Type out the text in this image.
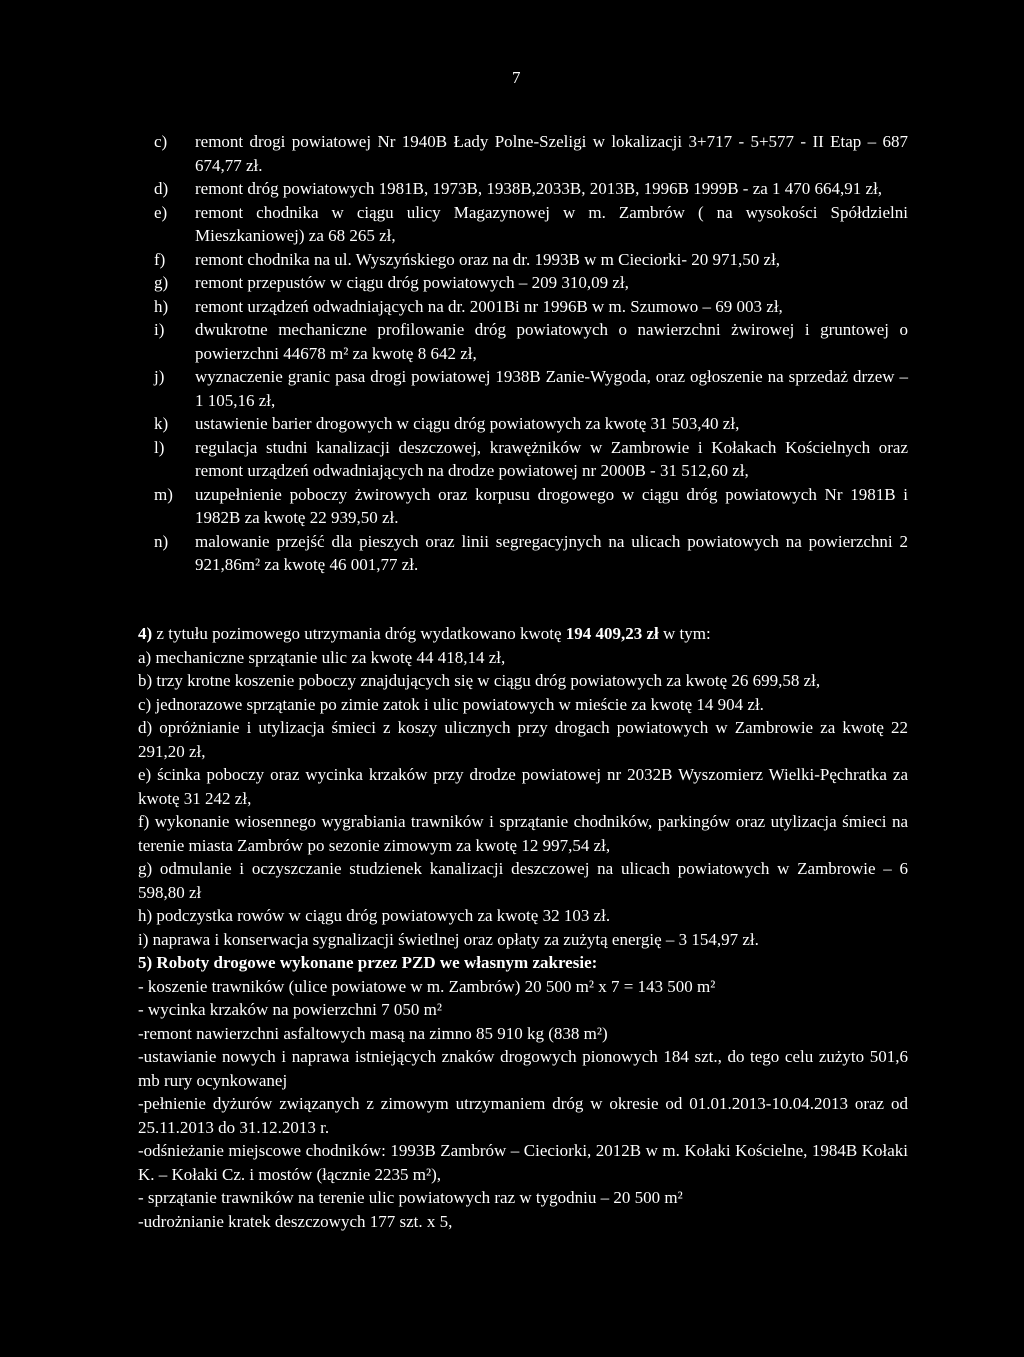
7
c) remont drogi powiatowej Nr 1940B Łady Polne-Szeligi w lokalizacji 3+717 - 5+577 - II Etap – 687 674,77 zł.
d) remont dróg powiatowych 1981B, 1973B, 1938B,2033B, 2013B, 1996B 1999B - za 1 470 664,91 zł,
e) remont chodnika w ciągu ulicy Magazynowej w m. Zambrów ( na wysokości Spółdzielni Mieszkaniowej) za 68 265 zł,
f) remont chodnika na ul. Wyszyńskiego oraz na dr. 1993B w m Cieciorki- 20 971,50 zł,
g) remont przepustów w ciągu dróg powiatowych – 209 310,09 zł,
h) remont urządzeń odwadniających na dr. 2001Bi nr 1996B w m. Szumowo – 69 003 zł,
i) dwukrotne mechaniczne profilowanie dróg powiatowych o nawierzchni żwirowej i gruntowej o powierzchni 44678 m² za kwotę 8 642 zł,
j) wyznaczenie granic pasa drogi powiatowej 1938B Zanie-Wygoda, oraz ogłoszenie na sprzedaż drzew – 1 105,16 zł,
k) ustawienie barier drogowych w ciągu dróg powiatowych za kwotę 31 503,40 zł,
l) regulacja studni kanalizacji deszczowej, krawężników w Zambrowie i Kołakach Kościelnych oraz remont urządzeń odwadniających na drodze powiatowej nr 2000B - 31 512,60 zł,
m) uzupełnienie poboczy żwirowych oraz korpusu drogowego w ciągu dróg powiatowych Nr 1981B i 1982B za kwotę 22 939,50 zł.
n) malowanie przejść dla pieszych oraz linii segregacyjnych na ulicach powiatowych na powierzchni 2 921,86m² za kwotę 46 001,77 zł.
4) z tytułu pozimowego utrzymania dróg wydatkowano kwotę 194 409,23 zł w tym:
a) mechaniczne sprzątanie ulic za kwotę 44 418,14 zł,
b) trzy krotne koszenie poboczy znajdujących się w ciągu dróg powiatowych za kwotę 26 699,58 zł,
c) jednorazowe sprzątanie po zimie zatok i ulic powiatowych w mieście za kwotę 14 904 zł.
d) opróżnianie i utylizacja śmieci z koszy ulicznych przy drogach powiatowych w Zambrowie za kwotę 22 291,20 zł,
e) ścinka poboczy oraz wycinka krzaków przy drodze powiatowej nr 2032B Wyszomierz Wielki-Pęchratka za kwotę 31 242 zł,
f) wykonanie wiosennego wygrabiania trawników i sprzątanie chodników, parkingów oraz utylizacja śmieci na terenie miasta Zambrów po sezonie zimowym za kwotę 12 997,54 zł,
g) odmulanie i oczyszczanie studzienek kanalizacji deszczowej na ulicach powiatowych w Zambrowie – 6 598,80 zł
h) podczystka rowów w ciągu dróg powiatowych za kwotę 32 103 zł.
i) naprawa i konserwacja sygnalizacji świetlnej oraz opłaty za zużytą energię – 3 154,97 zł.
5) Roboty drogowe wykonane przez PZD we własnym zakresie:
- koszenie trawników (ulice powiatowe w m. Zambrów) 20 500 m² x 7 = 143 500 m²
- wycinka krzaków na powierzchni 7 050 m²
-remont nawierzchni asfaltowych masą na zimno 85 910 kg (838 m²)
-ustawianie nowych i naprawa istniejących znaków drogowych pionowych 184 szt., do tego celu zużyto 501,6 mb rury ocynkowanej
-pełnienie dyżurów związanych z zimowym utrzymaniem dróg w okresie od 01.01.2013-10.04.2013 oraz od 25.11.2013 do 31.12.2013 r.
-odśnieżanie miejscowe chodników: 1993B Zambrów – Cieciorki, 2012B w m. Kołaki Kościelne, 1984B Kołaki K. – Kołaki Cz. i mostów (łącznie 2235 m²),
- sprzątanie trawników na terenie ulic powiatowych raz w tygodniu – 20 500 m²
-udrożnianie kratek deszczowych 177 szt. x 5,
